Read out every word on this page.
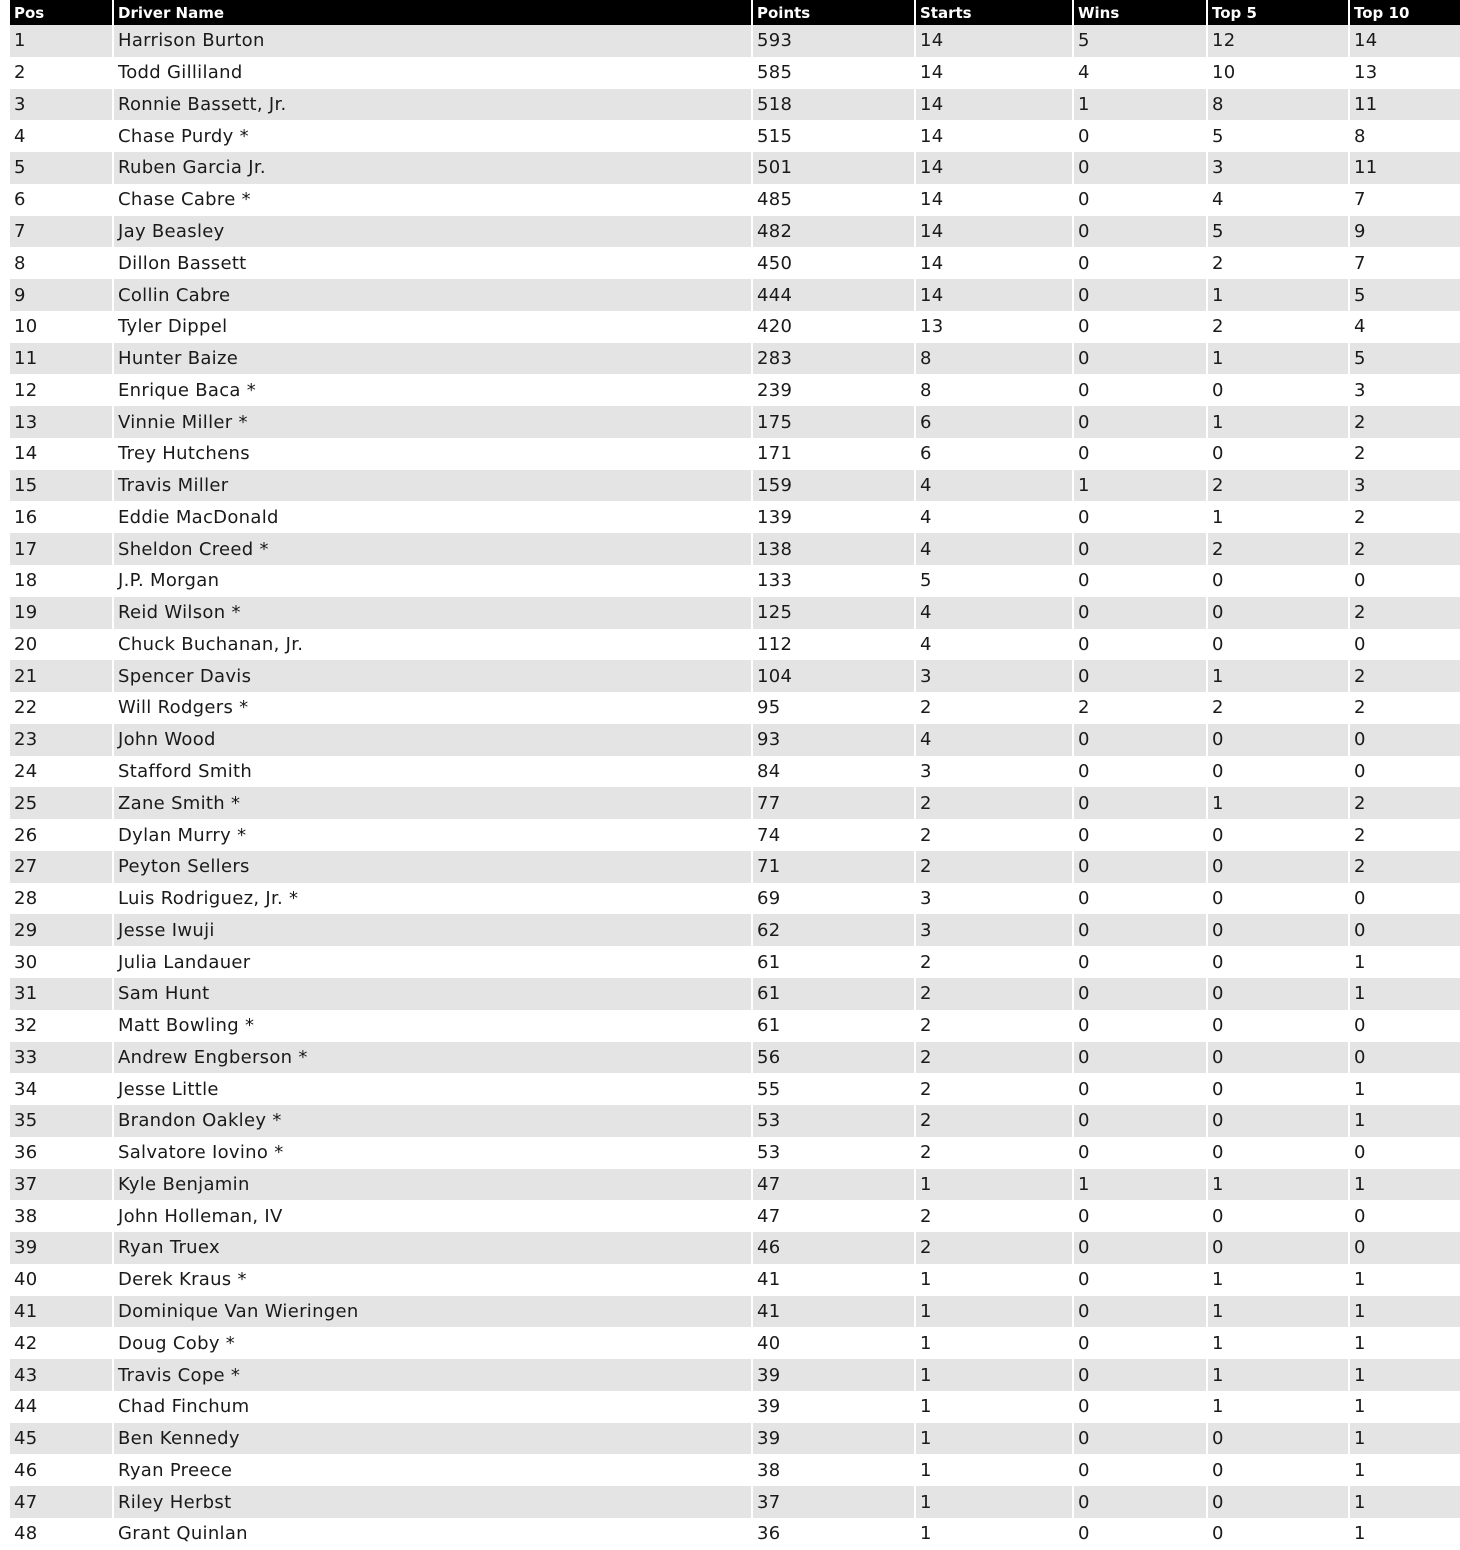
Pos	Driver Name	Points	Starts	Wins	Top 5	Top 10
1	Harrison Burton	593	14	5	12	14
2	Todd Gilliland	585	14	4	10	13
3	Ronnie Bassett, Jr.	518	14	1	8	11
4	Chase Purdy *	515	14	0	5	8
5	Ruben Garcia Jr.	501	14	0	3	11
6	Chase Cabre *	485	14	0	4	7
7	Jay Beasley	482	14	0	5	9
8	Dillon Bassett	450	14	0	2	7
9	Collin Cabre	444	14	0	1	5
10	Tyler Dippel	420	13	0	2	4
11	Hunter Baize	283	8	0	1	5
12	Enrique Baca *	239	8	0	0	3
13	Vinnie Miller *	175	6	0	1	2
14	Trey Hutchens	171	6	0	0	2
15	Travis Miller	159	4	1	2	3
16	Eddie MacDonald	139	4	0	1	2
17	Sheldon Creed *	138	4	0	2	2
18	J.P. Morgan	133	5	0	0	0
19	Reid Wilson *	125	4	0	0	2
20	Chuck Buchanan, Jr.	112	4	0	0	0
21	Spencer Davis	104	3	0	1	2
22	Will Rodgers *	95	2	2	2	2
23	John Wood	93	4	0	0	0
24	Stafford Smith	84	3	0	0	0
25	Zane Smith *	77	2	0	1	2
26	Dylan Murry *	74	2	0	0	2
27	Peyton Sellers	71	2	0	0	2
28	Luis Rodriguez, Jr. *	69	3	0	0	0
29	Jesse Iwuji	62	3	0	0	0
30	Julia Landauer	61	2	0	0	1
31	Sam Hunt	61	2	0	0	1
32	Matt Bowling *	61	2	0	0	0
33	Andrew Engberson *	56	2	0	0	0
34	Jesse Little	55	2	0	0	1
35	Brandon Oakley *	53	2	0	0	1
36	Salvatore Iovino *	53	2	0	0	0
37	Kyle Benjamin	47	1	1	1	1
38	John Holleman, IV	47	2	0	0	0
39	Ryan Truex	46	2	0	0	0
40	Derek Kraus *	41	1	0	1	1
41	Dominique Van Wieringen	41	1	0	1	1
42	Doug Coby *	40	1	0	1	1
43	Travis Cope *	39	1	0	1	1
44	Chad Finchum	39	1	0	1	1
45	Ben Kennedy	39	1	0	0	1
46	Ryan Preece	38	1	0	0	1
47	Riley Herbst	37	1	0	0	1
48	Grant Quinlan	36	1	0	0	1
